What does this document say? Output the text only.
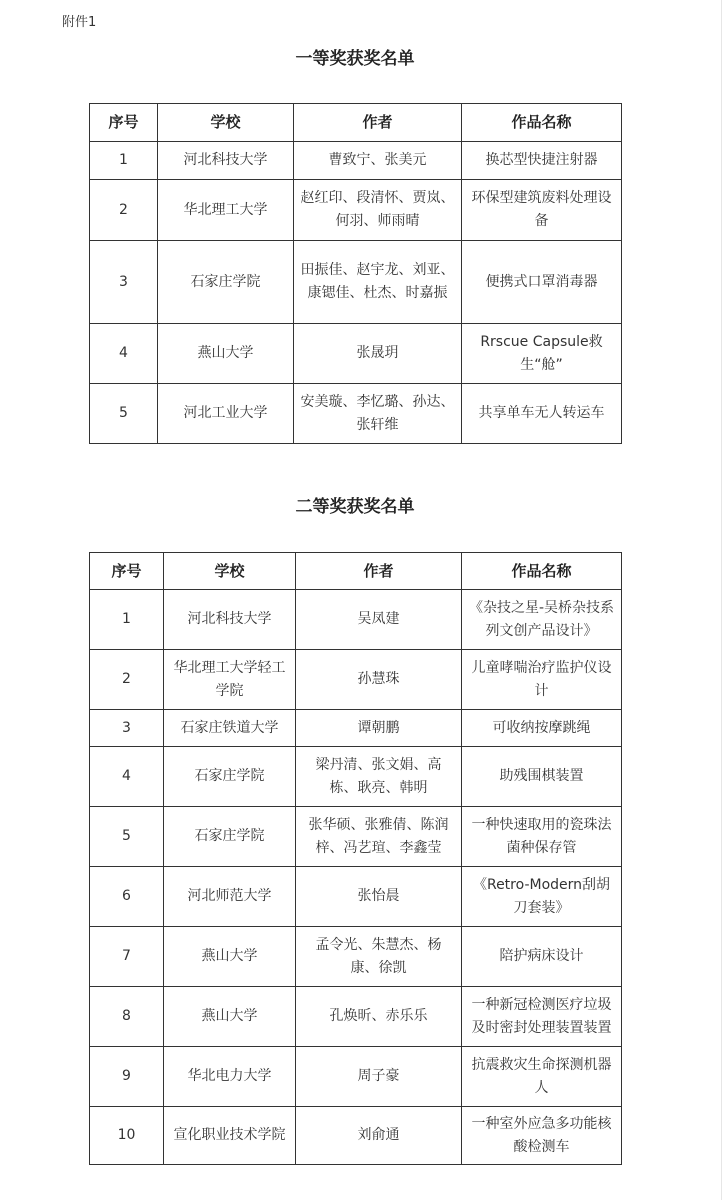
附件1
一等奖获奖名单
序号	学校	作者	作品名称
1	河北科技大学	曹致宁、张美元	换芯型快捷注射器
2	华北理工大学	赵红印、段清怀、贾岚、何羽、师雨晴	环保型建筑废料处理设备
3	石家庄学院	田振佳、赵宇龙、刘亚、康锶佳、杜杰、时嘉振	便携式口罩消毒器
4	燕山大学	张晟玥	Rrscue Capsule救生“舱”
5	河北工业大学	安美璇、李忆璐、孙达、张轩维	共享单车无人转运车
二等奖获奖名单
序号	学校	作者	作品名称
1	河北科技大学	吴凤建	《杂技之星-吴桥杂技系列文创产品设计》
2	华北理工大学轻工学院	孙慧珠	儿童哮喘治疗监护仪设计
3	石家庄铁道大学	谭朝鹏	可收纳按摩跳绳
4	石家庄学院	梁丹清、张文娟、高栋、耿亮、韩明	助残围棋装置
5	石家庄学院	张华硕、张雅倩、陈润梓、冯艺瑄、李鑫莹	一种快速取用的瓷珠法菌种保存管
6	河北师范大学	张怡晨	《Retro-Modern刮胡刀套装》
7	燕山大学	孟令光、朱慧杰、杨康、徐凯	陪护病床设计
8	燕山大学	孔焕昕、赤乐乐	一种新冠检测医疗垃圾及时密封处理装置装置
9	华北电力大学	周子豪	抗震救灾生命探测机器人
10	宣化职业技术学院	刘俞通	一种室外应急多功能核酸检测车
